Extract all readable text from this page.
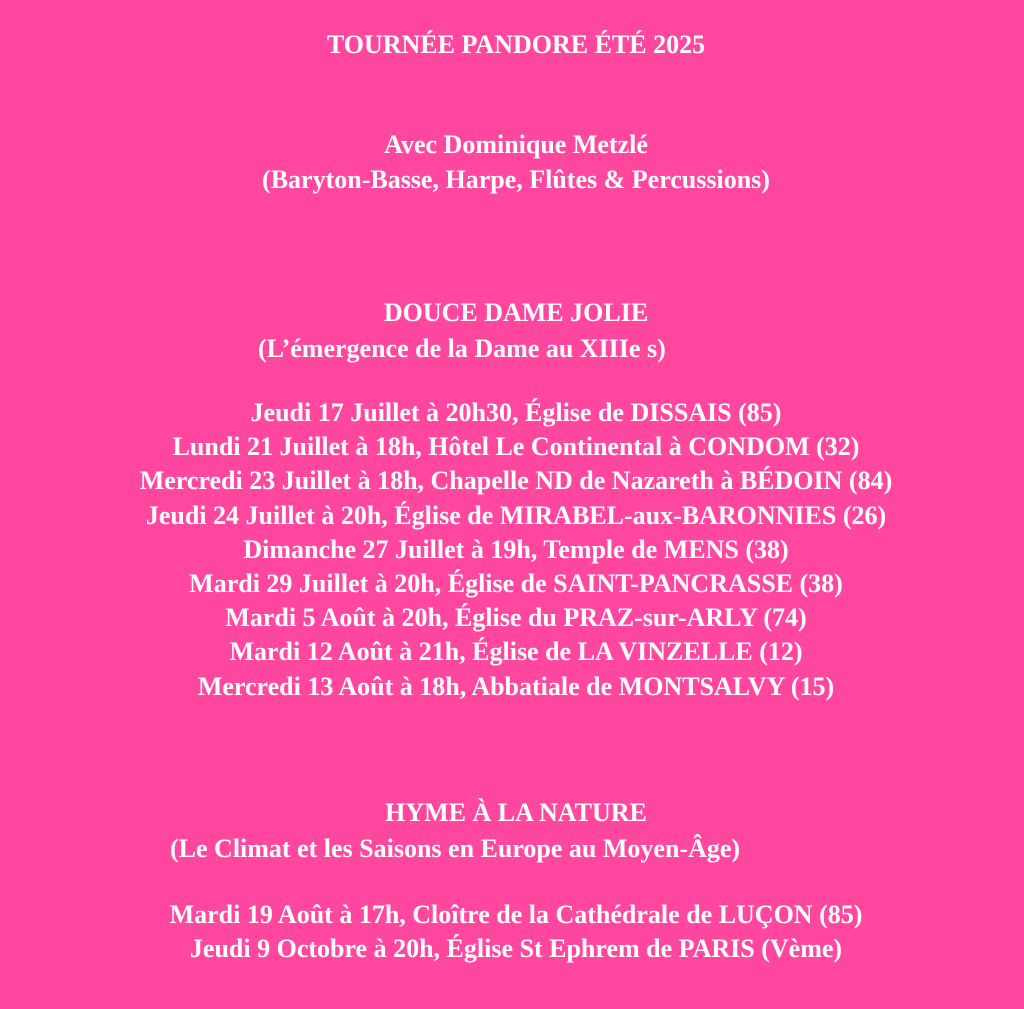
TOURNÉE PANDORE ÉTÉ 2025
Avec Dominique Metzlé
(Baryton-Basse, Harpe, Flûtes & Percussions)
DOUCE DAME JOLIE
(L’émergence de la Dame au XIIIe s)
Jeudi 17 Juillet à 20h30, Église de DISSAIS (85)
Lundi 21 Juillet à 18h, Hôtel Le Continental à CONDOM (32)
Mercredi 23 Juillet à 18h, Chapelle ND de Nazareth à BÉDOIN (84)
Jeudi 24 Juillet à 20h, Église de MIRABEL-aux-BARONNIES (26)
Dimanche 27 Juillet à 19h, Temple de MENS (38)
Mardi 29 Juillet à 20h, Église de SAINT-PANCRASSE (38)
Mardi 5 Août à 20h, Église du PRAZ-sur-ARLY (74)
Mardi 12 Août à 21h, Église de LA VINZELLE (12)
Mercredi 13 Août à 18h, Abbatiale de MONTSALVY (15)
HYME À LA NATURE
(Le Climat et les Saisons en Europe au Moyen-Âge)
Mardi 19 Août à 17h, Cloître de la Cathédrale de LUÇON (85)
Jeudi 9 Octobre à 20h, Église St Ephrem de PARIS (Vème)
